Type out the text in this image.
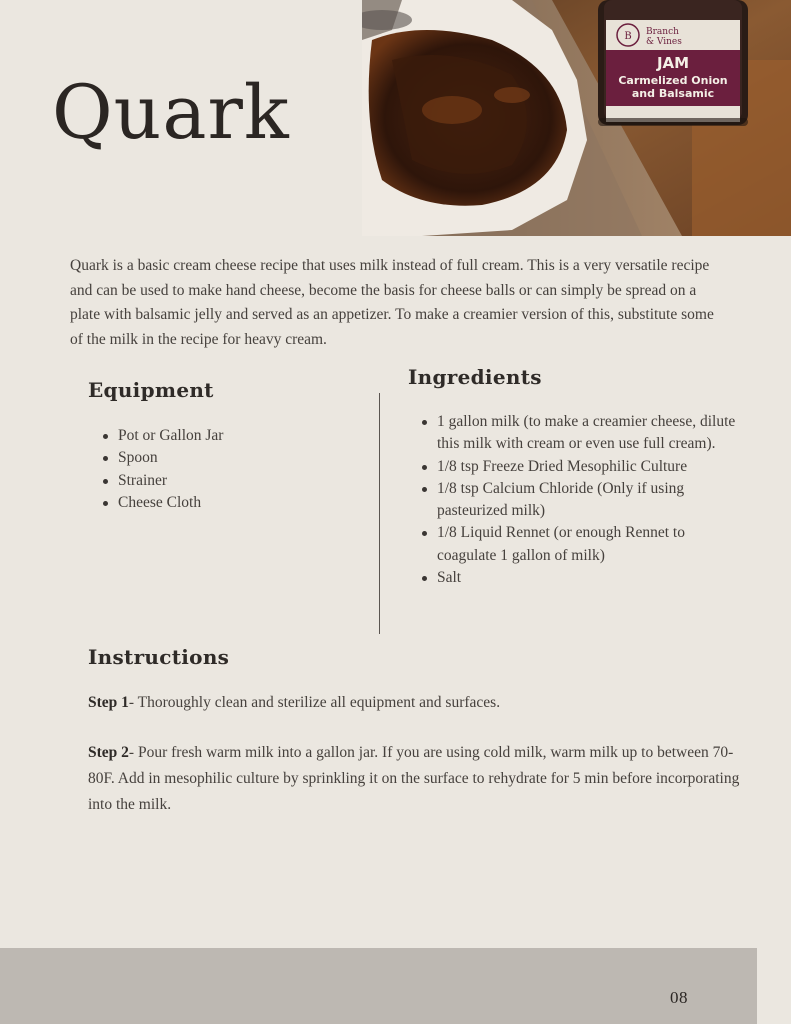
Quark
B Branch
& Vines
JAM
Carmelized Onion
and Balsamic

Quark is a basic cream cheese recipe that uses milk instead of full cream. This is a very versatile recipe and can be used to make hand cheese, become the basis for cheese balls or can simply be spread on a plate with balsamic jelly and served as an appetizer. To make a creamier version of this, substitute some of the milk in the recipe for heavy cream.

Equipment
Pot or Gallon Jar
Spoon
Strainer
Cheese Cloth
Ingredients
1 gallon milk (to make a creamier cheese, dilute this milk with cream or even use full cream).
1/8 tsp Freeze Dried Mesophilic Culture
1/8 tsp Calcium Chloride (Only if using pasteurized milk)
1/8 Liquid Rennet (or enough Rennet to coagulate 1 gallon of milk)
Salt
Instructions

Step 1- Thoroughly clean and sterilize all equipment and surfaces.

Step 2- Pour fresh warm milk into a gallon jar. If you are using cold milk, warm milk up to between 70-80F. Add in mesophilic culture by sprinkling it on the surface to rehydrate for 5 min before incorporating into the milk.

08
